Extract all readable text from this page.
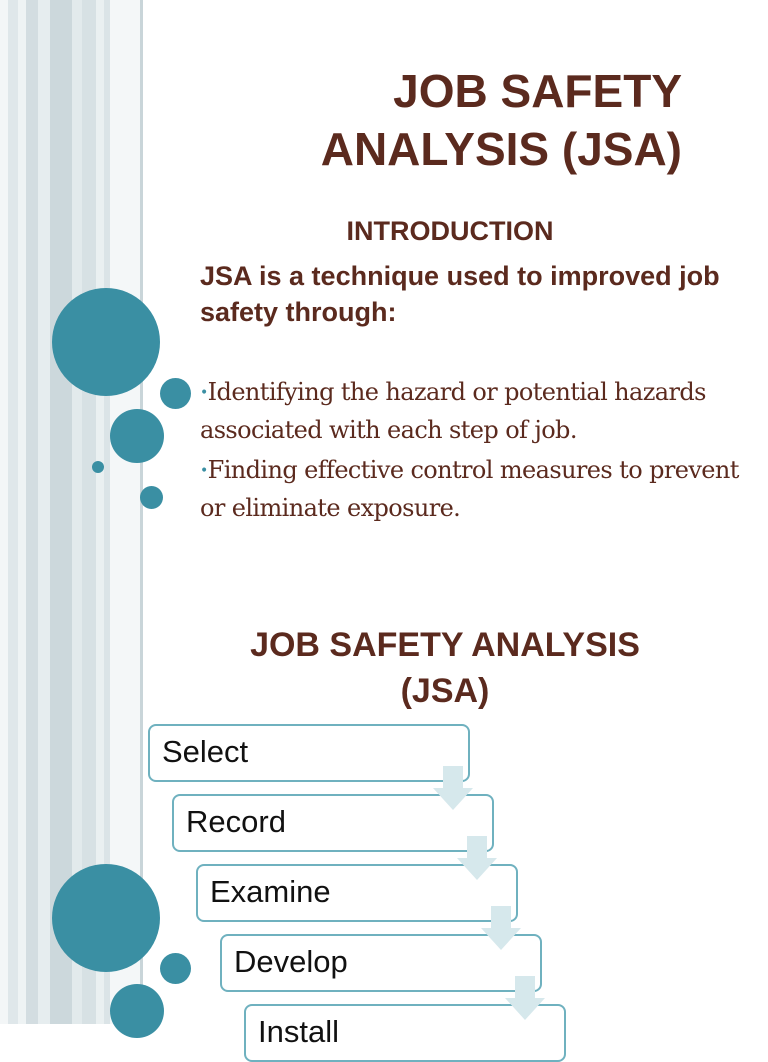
JOB SAFETY
ANALYSIS (JSA)
INTRODUCTION

JSA is a technique used to improved job safety through:

•Identifying the hazard or potential hazards associated with each step of job.
•Finding effective control measures to prevent or eliminate exposure.
JOB SAFETY ANALYSIS
(JSA)
Select
Record
Examine
Develop
Install
